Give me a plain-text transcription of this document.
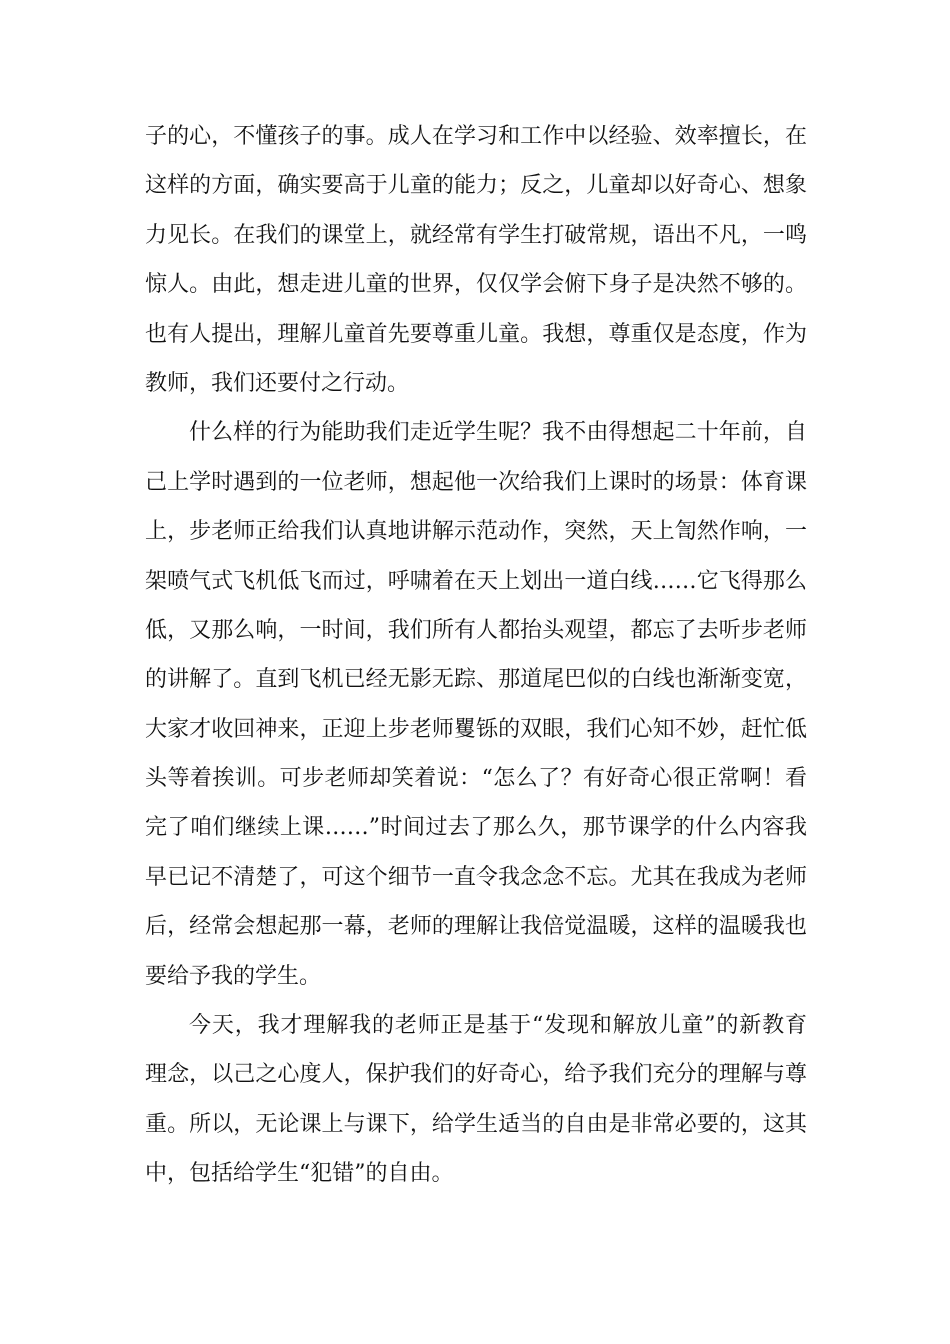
子的心，不懂孩子的事。成人在学习和工作中以经验、效率擅长，在
这样的方面，确实要高于儿童的能力；反之，儿童却以好奇心、想象
力见长。在我们的课堂上，就经常有学生打破常规，语出不凡，一鸣
惊人。由此，想走进儿童的世界，仅仅学会俯下身子是决然不够的。
也有人提出，理解儿童首先要尊重儿童。我想，尊重仅是态度，作为
教师，我们还要付之行动。
什么样的行为能助我们走近学生呢？我不由得想起二十年前，自
己上学时遇到的一位老师，想起他一次给我们上课时的场景：体育课
上，步老师正给我们认真地讲解示范动作，突然，天上訇然作响，一
架喷气式飞机低飞而过，呼啸着在天上划出一道白线……它飞得那么
低，又那么响，一时间，我们所有人都抬头观望，都忘了去听步老师
的讲解了。直到飞机已经无影无踪、那道尾巴似的白线也渐渐变宽，
大家才收回神来，正迎上步老师矍铄的双眼，我们心知不妙，赶忙低
头等着挨训。可步老师却笑着说：“怎么了？有好奇心很正常啊！看
完了咱们继续上课……”时间过去了那么久，那节课学的什么内容我
早已记不清楚了，可这个细节一直令我念念不忘。尤其在我成为老师
后，经常会想起那一幕，老师的理解让我倍觉温暖，这样的温暖我也
要给予我的学生。
今天，我才理解我的老师正是基于“发现和解放儿童”的新教育
理念，以己之心度人，保护我们的好奇心，给予我们充分的理解与尊
重。所以，无论课上与课下，给学生适当的自由是非常必要的，这其
中，包括给学生“犯错”的自由。
